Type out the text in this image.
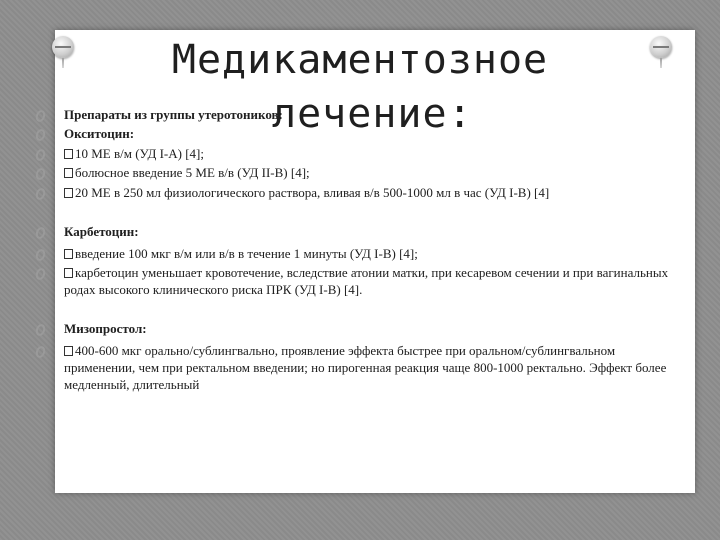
Медикаментозное
Препараты из группы утеротоников:
лечение:
Окситоцин:
10 МЕ в/м (УД I-A) [4];
болюсное введение 5 МЕ в/в (УД II-B) [4];
20 МЕ в 250 мл физиологического раствора, вливая в/в 500-1000 мл в час (УД I-B) [4]
Карбетоцин:
введение 100 мкг в/м или в/в в течение 1 минуты (УД I-B) [4];
карбетоцин уменьшает кровотечение, вследствие атонии матки, при кесаревом сечении и при вагинальных родах высокого клинического риска ПРК (УД I-B) [4].
Мизопростол:
400-600 мкг орально/сублингвально, проявление эффекта быстрее при оральном/сублингвальном применении, чем при ректальном введении; но пирогенная реакция чаще 800-1000 ректально. Эффект более медленный, длительный
